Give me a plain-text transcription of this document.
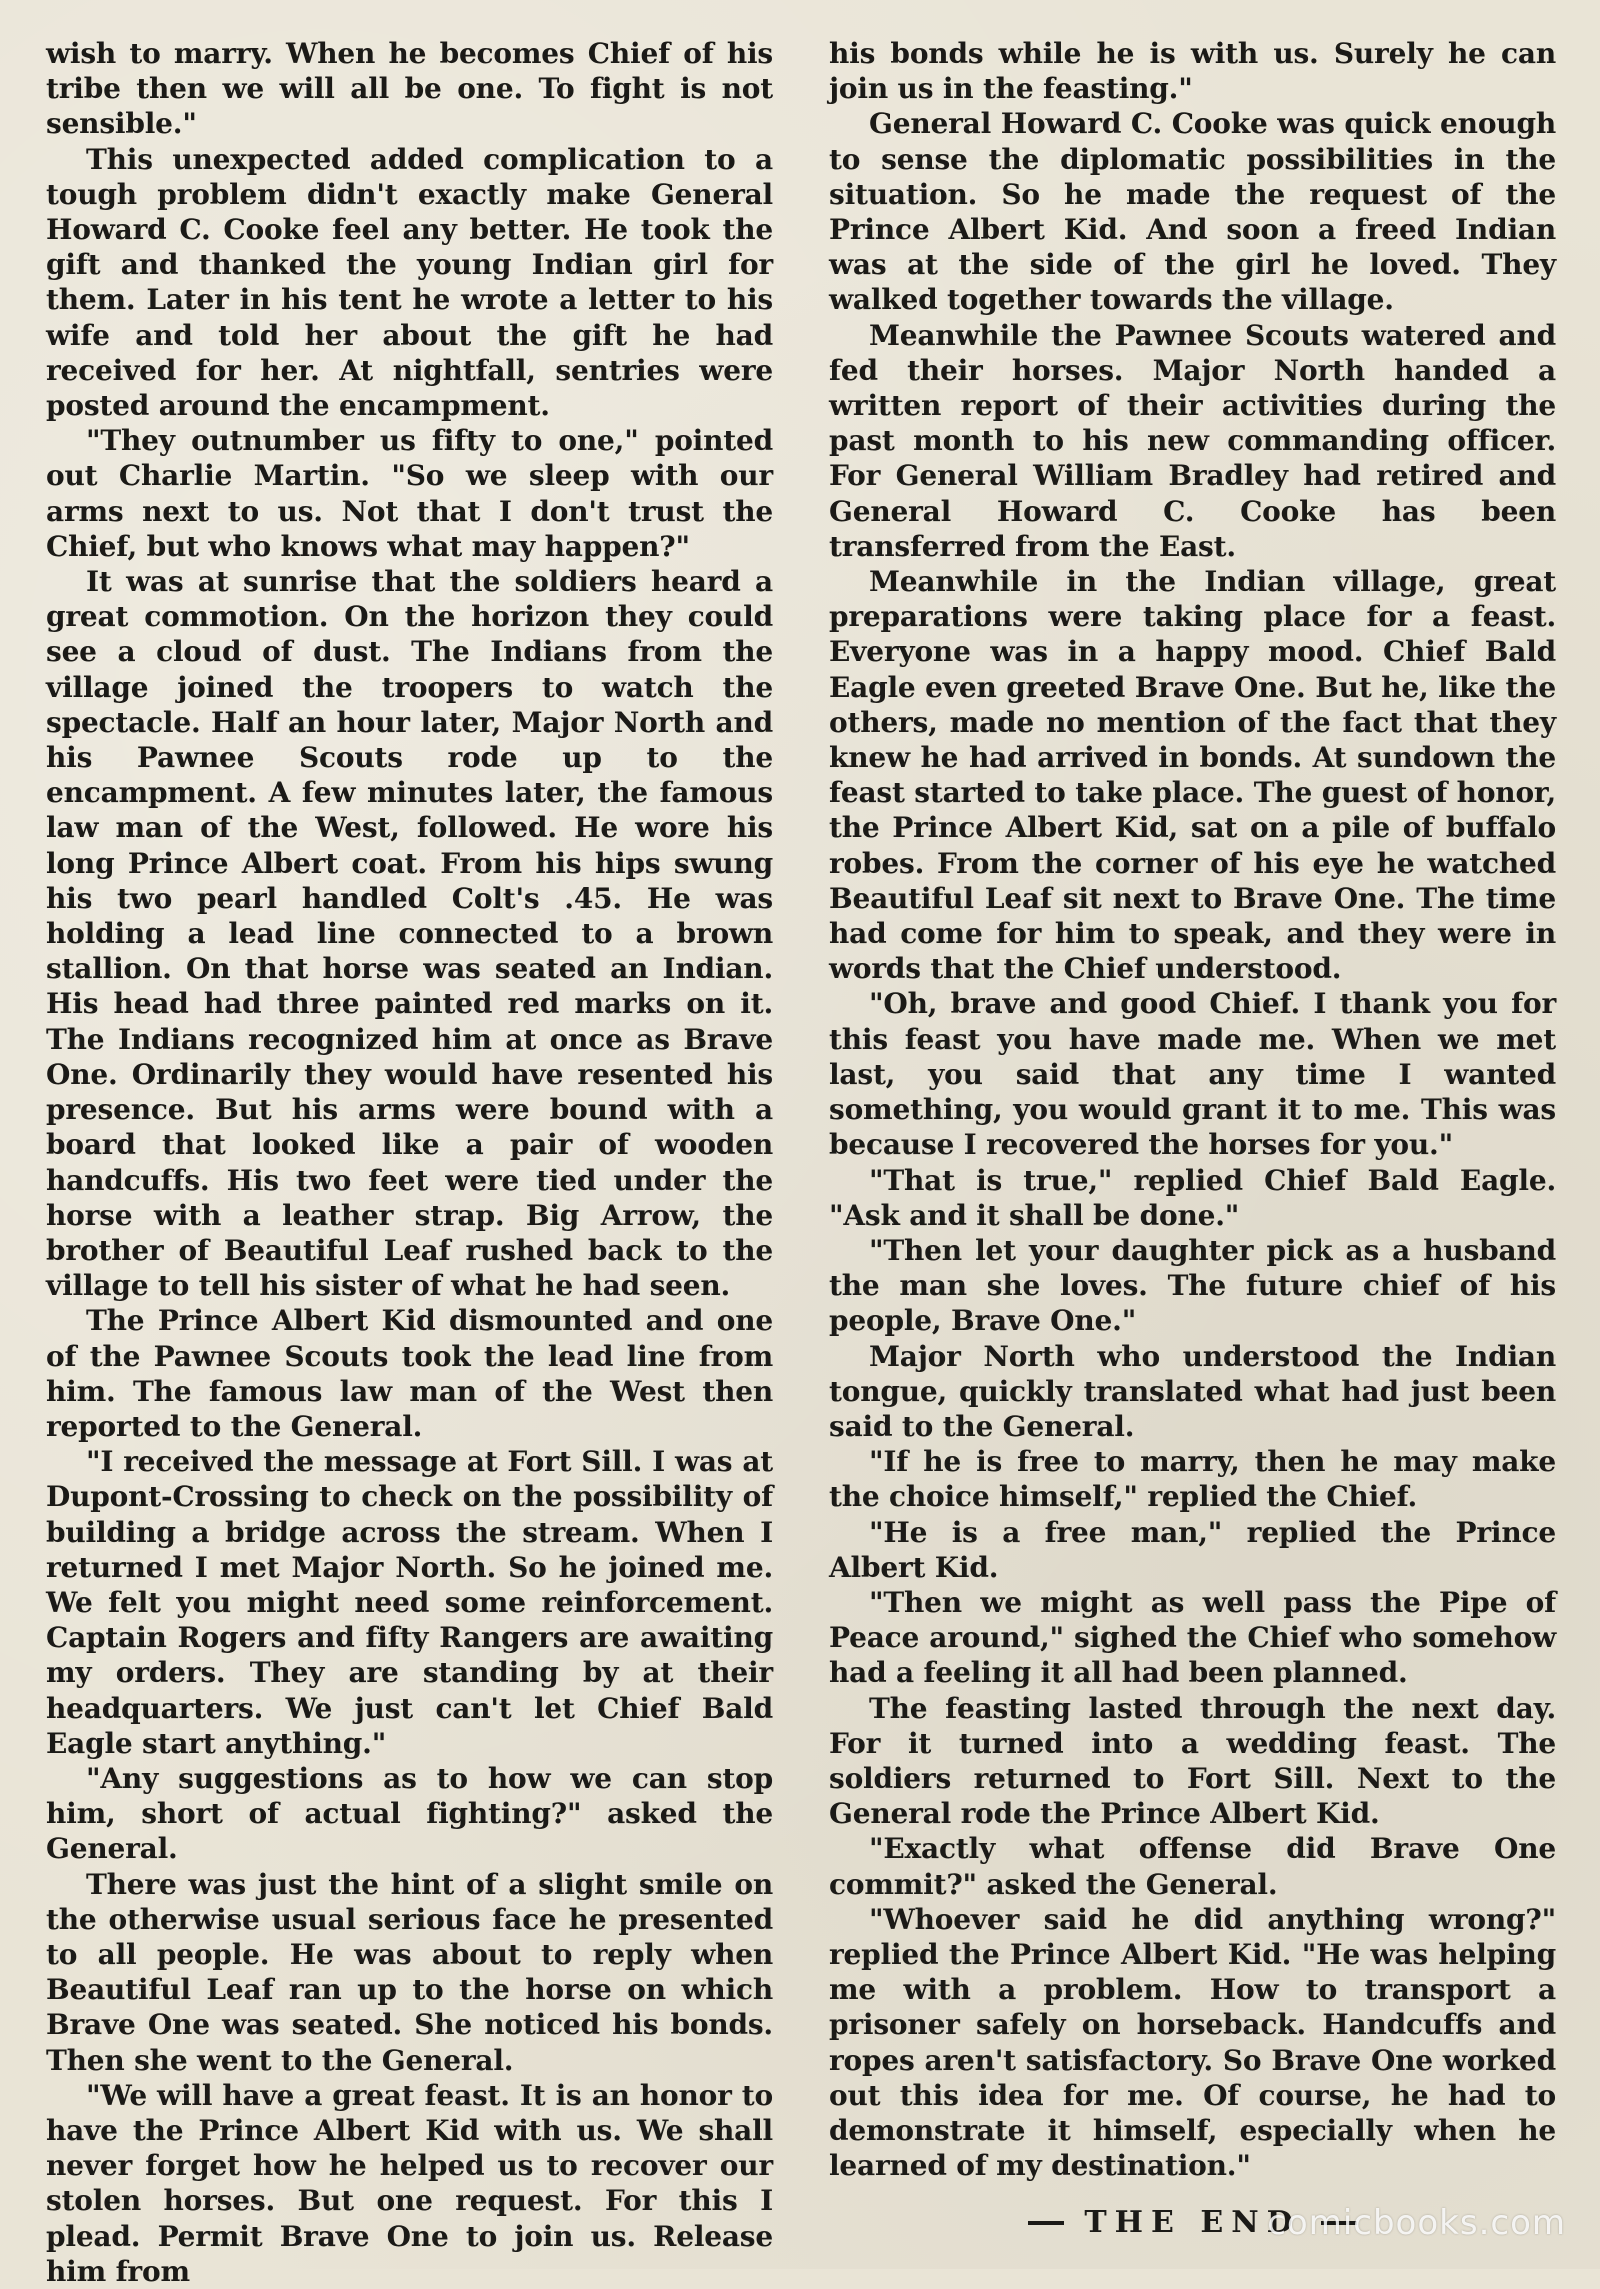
wish to marry. When he becomes Chief of his tribe then we will all be one. To fight is not sensible."

This unexpected added complication to a tough problem didn't exactly make General Howard C. Cooke feel any better. He took the gift and thanked the young Indian girl for them. Later in his tent he wrote a letter to his wife and told her about the gift he had received for her. At nightfall, sentries were posted around the encampment.

"They outnumber us fifty to one," pointed out Charlie Martin. "So we sleep with our arms next to us. Not that I don't trust the Chief, but who knows what may happen?"

It was at sunrise that the soldiers heard a great commotion. On the horizon they could see a cloud of dust. The Indians from the village joined the troopers to watch the spectacle. Half an hour later, Major North and his Pawnee Scouts rode up to the encampment. A few minutes later, the famous law man of the West, followed. He wore his long Prince Albert coat. From his hips swung his two pearl handled Colt's .45. He was holding a lead line connected to a brown stallion. On that horse was seated an Indian. His head had three painted red marks on it. The Indians recognized him at once as Brave One. Ordinarily they would have resented his presence. But his arms were bound with a board that looked like a pair of wooden handcuffs. His two feet were tied under the horse with a leather strap. Big Arrow, the brother of Beautiful Leaf rushed back to the village to tell his sister of what he had seen.

The Prince Albert Kid dismounted and one of the Pawnee Scouts took the lead line from him. The famous law man of the West then reported to the General.

"I received the message at Fort Sill. I was at Dupont-Crossing to check on the possibility of building a bridge across the stream. When I returned I met Major North. So he joined me. We felt you might need some reinforcement. Captain Rogers and fifty Rangers are awaiting my orders. They are standing by at their headquarters. We just can't let Chief Bald Eagle start anything."

"Any suggestions as to how we can stop him, short of actual fighting?" asked the General.

There was just the hint of a slight smile on the otherwise usual serious face he presented to all people. He was about to reply when Beautiful Leaf ran up to the horse on which Brave One was seated. She noticed his bonds. Then she went to the General.

"We will have a great feast. It is an honor to have the Prince Albert Kid with us. We shall never forget how he helped us to recover our stolen horses. But one request. For this I plead. Permit Brave One to join us. Release him from

his bonds while he is with us. Surely he can join us in the feasting."

General Howard C. Cooke was quick enough to sense the diplomatic possibilities in the situation. So he made the request of the Prince Albert Kid. And soon a freed Indian was at the side of the girl he loved. They walked together towards the village.

Meanwhile the Pawnee Scouts watered and fed their horses. Major North handed a written report of their activities during the past month to his new commanding officer. For General William Bradley had retired and General Howard C. Cooke has been transferred from the East.

Meanwhile in the Indian village, great preparations were taking place for a feast. Everyone was in a happy mood. Chief Bald Eagle even greeted Brave One. But he, like the others, made no mention of the fact that they knew he had arrived in bonds. At sundown the feast started to take place. The guest of honor, the Prince Albert Kid, sat on a pile of buffalo robes. From the corner of his eye he watched Beautiful Leaf sit next to Brave One. The time had come for him to speak, and they were in words that the Chief understood.

"Oh, brave and good Chief. I thank you for this feast you have made me. When we met last, you said that any time I wanted something, you would grant it to me. This was because I recovered the horses for you."

"That is true," replied Chief Bald Eagle. "Ask and it shall be done."

"Then let your daughter pick as a husband the man she loves. The future chief of his people, Brave One."

Major North who understood the Indian tongue, quickly translated what had just been said to the General.

"If he is free to marry, then he may make the choice himself," replied the Chief.

"He is a free man," replied the Prince Albert Kid.

"Then we might as well pass the Pipe of Peace around," sighed the Chief who somehow had a feeling it all had been planned.

The feasting lasted through the next day. For it turned into a wedding feast. The soldiers returned to Fort Sill. Next to the General rode the Prince Albert Kid.

"Exactly what offense did Brave One commit?" asked the General.

"Whoever said he did anything wrong?" replied the Prince Albert Kid. "He was helping me with a problem. How to transport a prisoner safely on horseback. Handcuffs and ropes aren't satisfactory. So Brave One worked out this idea for me. Of course, he had to demonstrate it himself, especially when he learned of my destination."

THE END
comicbooks.com
